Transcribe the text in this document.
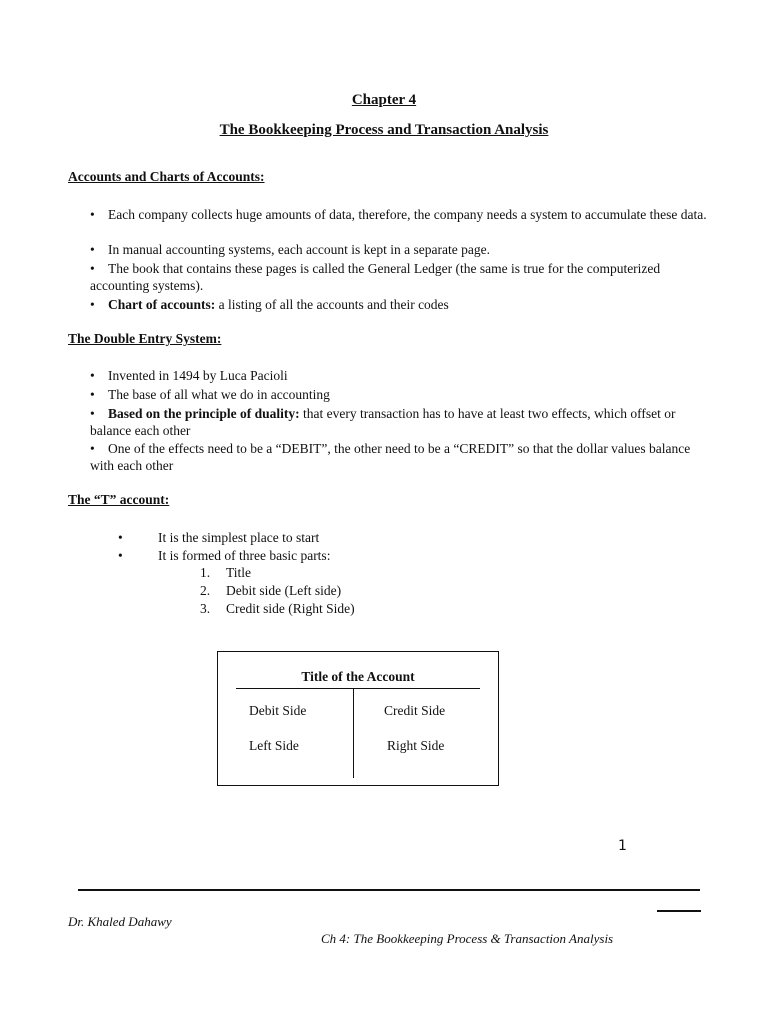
Chapter 4
The Bookkeeping Process and Transaction Analysis
Accounts and Charts of Accounts:
• Each company collects huge amounts of data, therefore, the company needs a system to accumulate these data.
• In manual accounting systems, each account is kept in a separate page.
• The book that contains these pages is called the General Ledger (the same is true for the computerized accounting systems).
• Chart of accounts: a listing of all the accounts and their codes
The Double Entry System:
• Invented in 1494 by Luca Pacioli
• The base of all what we do in accounting
• Based on the principle of duality: that every transaction has to have at least two effects, which offset or balance each other
• One of the effects need to be a “DEBIT”, the other need to be a “CREDIT” so that the dollar values balance with each other
The “T” account:
•	It is the simplest place to start
•	It is formed of three basic parts:
1. Title
2. Debit side (Left side)
3. Credit side (Right Side)
Title of the Account
Debit Side	Credit Side
Left Side	Right Side
1
Dr. Khaled Dahawy
Ch 4: The Bookkeeping Process & Transaction Analysis
